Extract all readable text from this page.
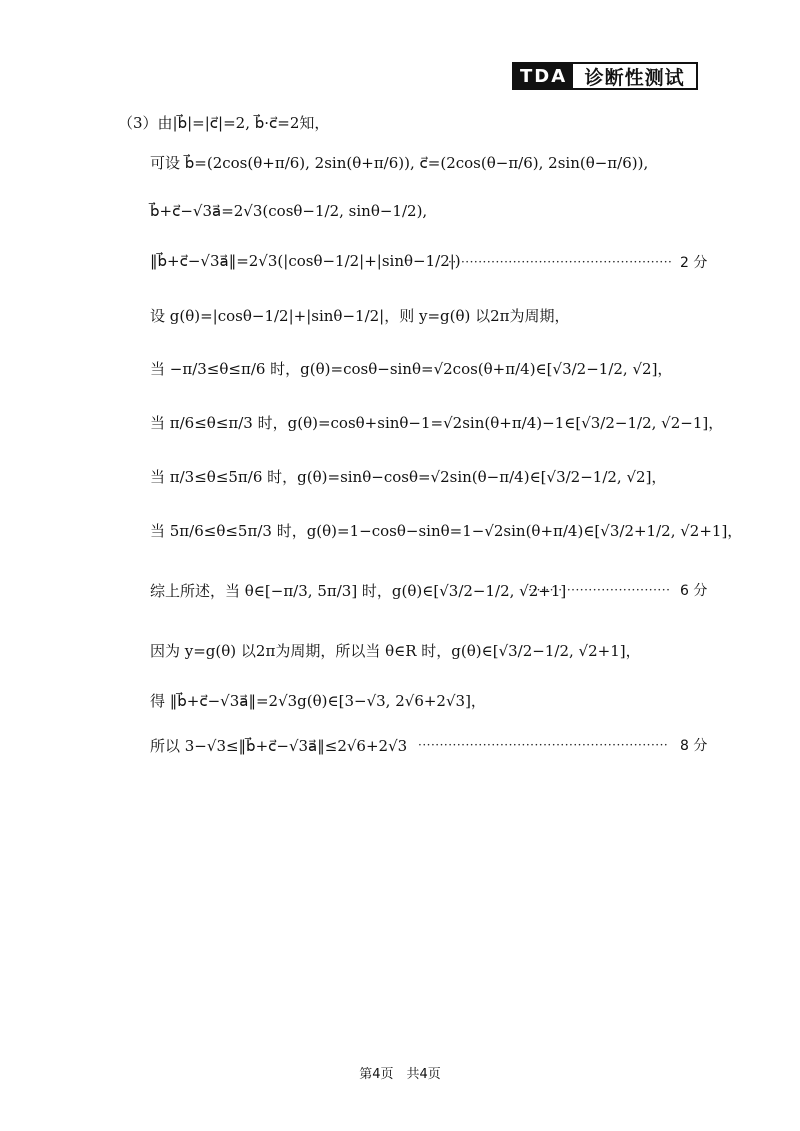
TDA 诊断性测试
（3）由|b⃗|=|c⃗|=2, b⃗·c⃗=2知，
可设 b⃗=(2cos(θ+π/6), 2sin(θ+π/6)), c⃗=(2cos(θ−π/6), 2sin(θ−π/6)),
b⃗+c⃗−√3a⃗=2√3(cosθ−1/2, sinθ−1/2),
‖b⃗+c⃗−√3a⃗‖=2√3(|cosθ−1/2|+|sinθ−1/2|)
···················································· 2 分
设 g(θ)=|cosθ−1/2|+|sinθ−1/2|，则 y=g(θ) 以2π为周期，
当 −π/3≤θ≤π/6 时，g(θ)=cosθ−sinθ=√2cos(θ+π/4)∈[√3/2−1/2, √2]，
当 π/6≤θ≤π/3 时，g(θ)=cosθ+sinθ−1=√2sin(θ+π/4)−1∈[√3/2−1/2, √2−1]，
当 π/3≤θ≤5π/6 时，g(θ)=sinθ−cosθ=√2sin(θ−π/4)∈[√3/2−1/2, √2]，
当 5π/6≤θ≤5π/3 时，g(θ)=1−cosθ−sinθ=1−√2sin(θ+π/4)∈[√3/2+1/2, √2+1]，
综上所述，当 θ∈[−π/3, 5π/3] 时，g(θ)∈[√3/2−1/2, √2+1]
································· 6 分
因为 y=g(θ) 以2π为周期，所以当 θ∈R 时，g(θ)∈[√3/2−1/2, √2+1]，
得 ‖b⃗+c⃗−√3a⃗‖=2√3g(θ)∈[3−√3, 2√6+2√3]，
所以 3−√3≤‖b⃗+c⃗−√3a⃗‖≤2√6+2√3 ·························································· 8 分
第4页　共4页
